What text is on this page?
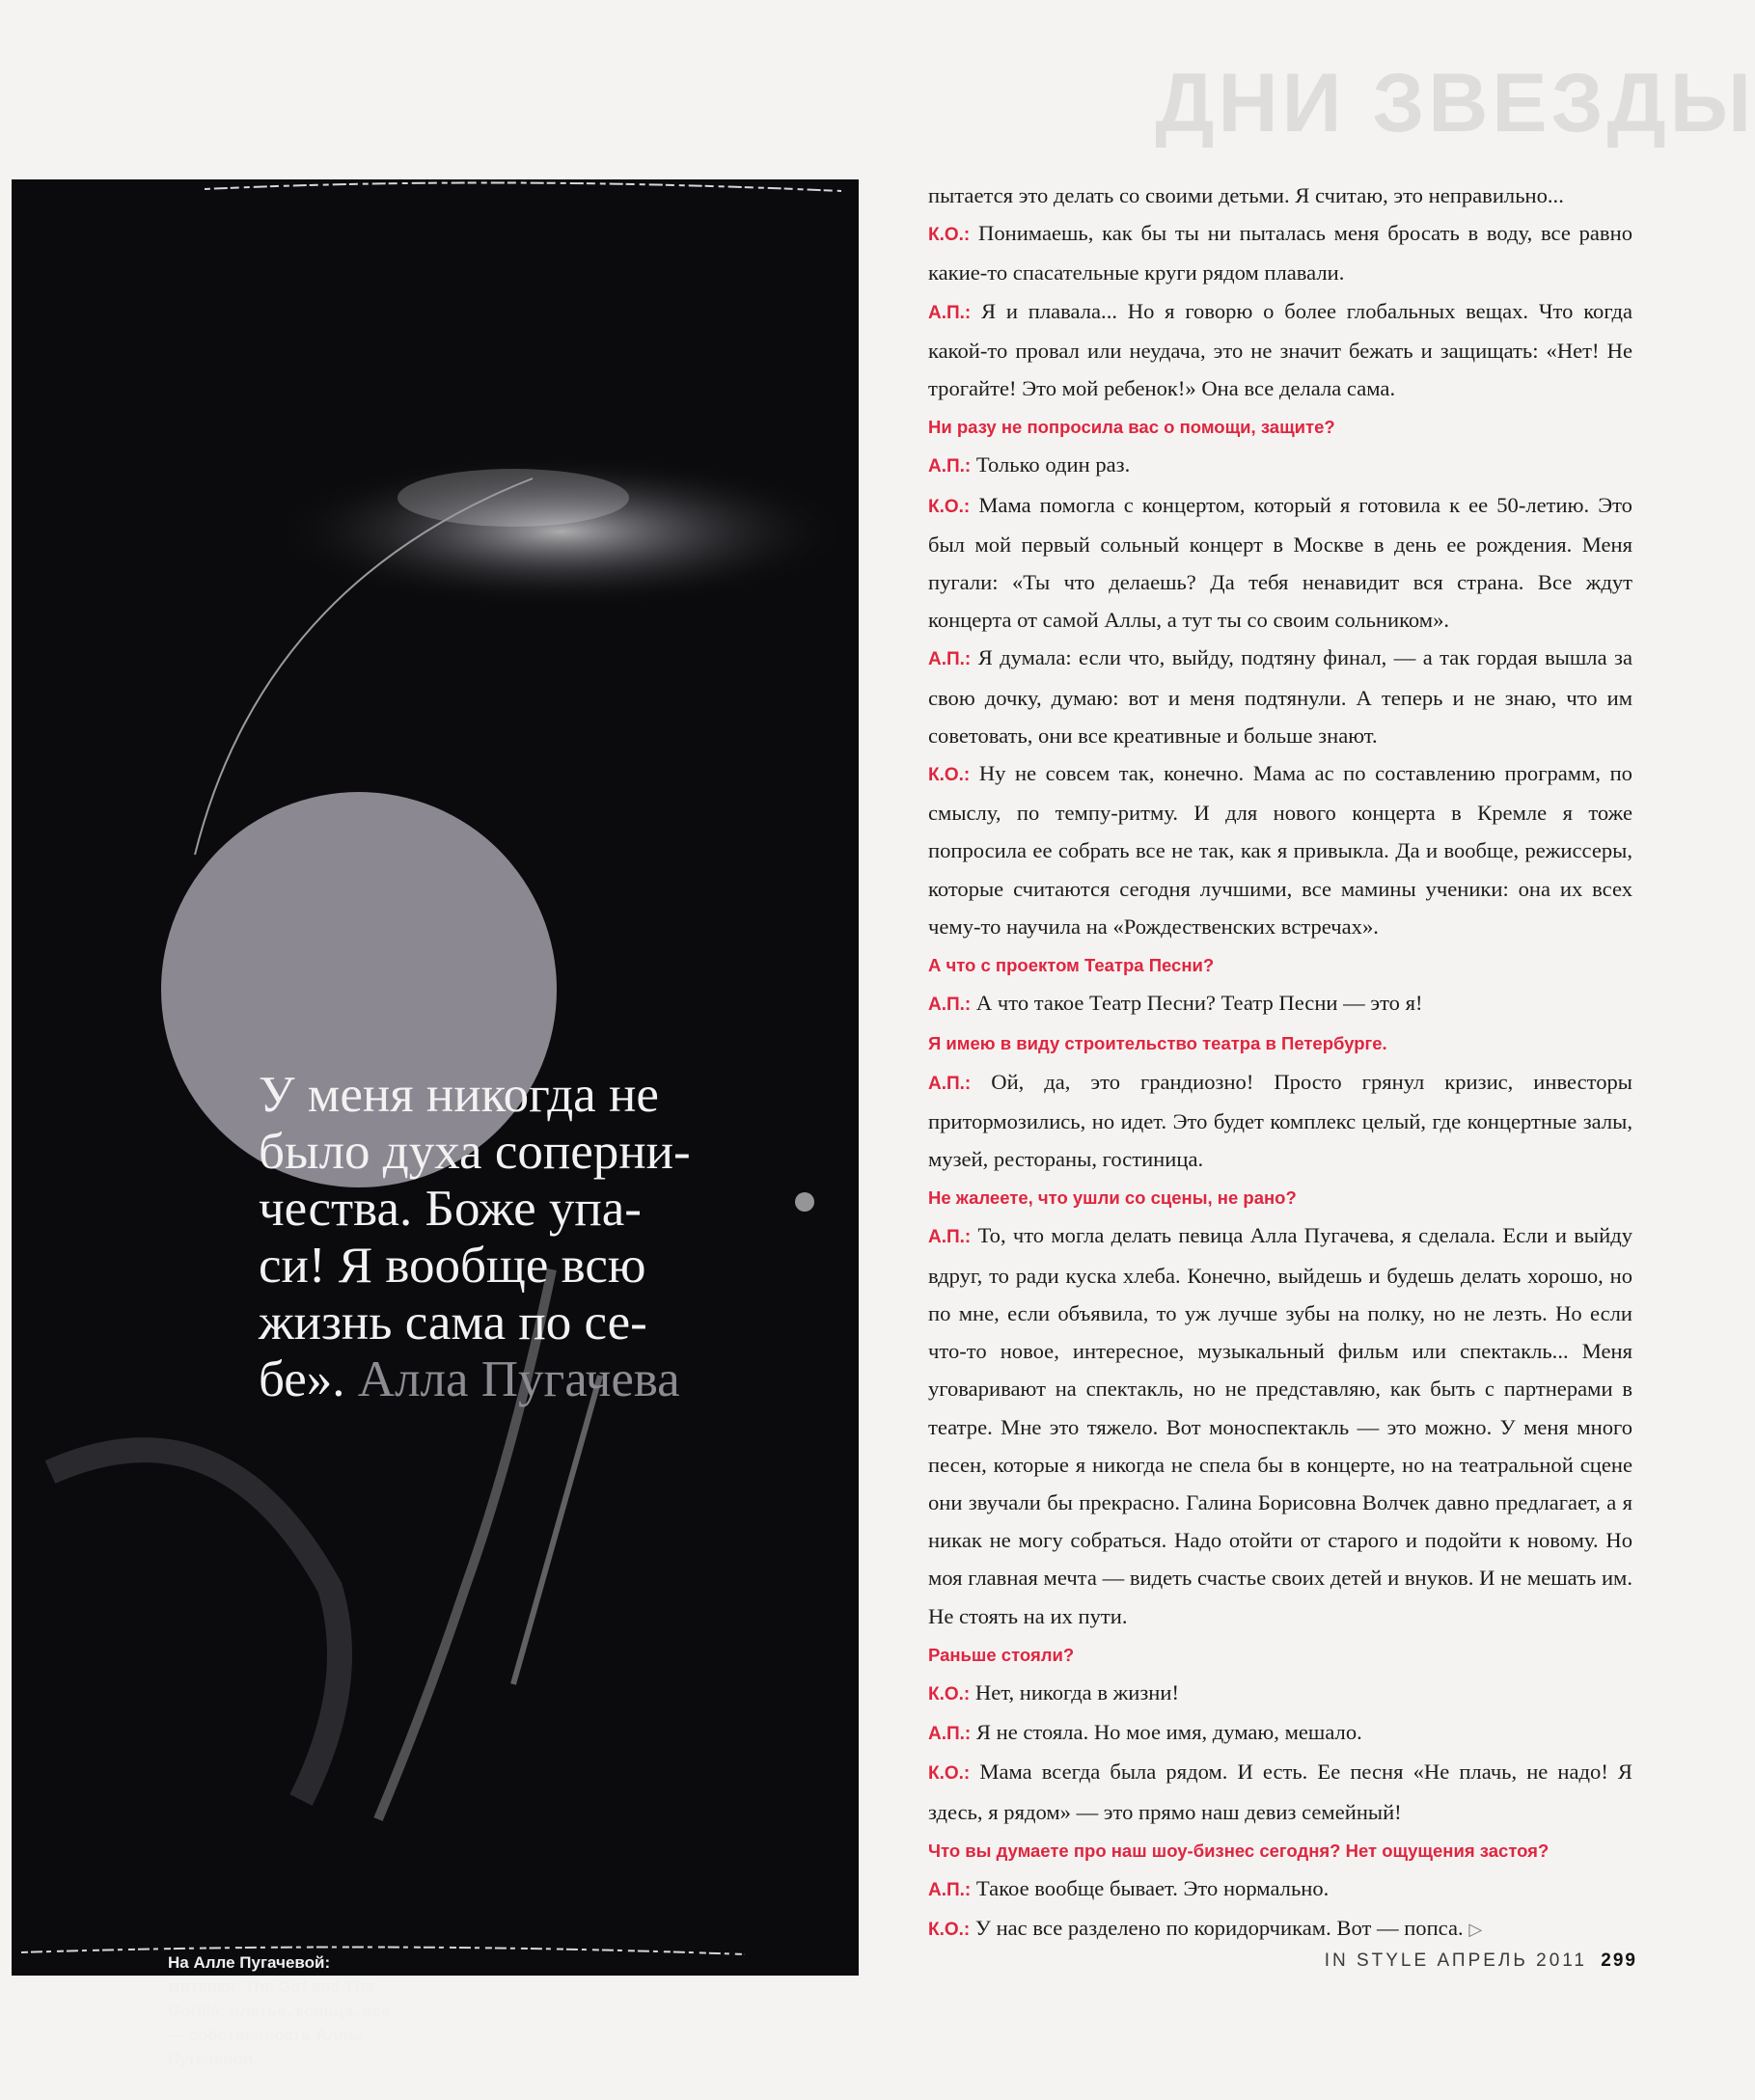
ДНИ ЗВЕЗДЫ

У меня никогда не
было духа соперни-
чества. Боже упа-
си! Я вообще всю
жизнь сама по се-
бе». Алла Пугачева

На Алле Пугачевой: митенки, The Girl and The Gorilla; платье, кольца, все — собственность Аллы Пугачевой.

пытается это делать со своими детьми. Я считаю, это неправильно...

К.О.: Понимаешь, как бы ты ни пыталась меня бросать в воду, все равно какие-то спасательные круги рядом плавали.

А.П.: Я и плавала... Но я говорю о более глобальных вещах. Что когда какой-то провал или неудача, это не значит бежать и защищать: «Нет! Не трогайте! Это мой ребенок!» Она все делала сама.

Ни разу не попросила вас о помощи, защите?

А.П.: Только один раз.

К.О.: Мама помогла с концертом, который я готовила к ее 50-летию. Это был мой первый сольный концерт в Москве в день ее рождения. Меня пугали: «Ты что делаешь? Да тебя ненавидит вся страна. Все ждут концерта от самой Аллы, а тут ты со своим сольником».

А.П.: Я думала: если что, выйду, подтяну финал, — а так гордая вышла за свою дочку, думаю: вот и меня подтянули. А теперь и не знаю, что им советовать, они все креативные и больше знают.

К.О.: Ну не совсем так, конечно. Мама ас по составлению программ, по смыслу, по темпу-ритму. И для нового концерта в Кремле я тоже попросила ее собрать все не так, как я привыкла. Да и вообще, режиссеры, которые считаются сегодня лучшими, все мамины ученики: она их всех чему-то научила на «Рождественских встречах».

А что с проектом Театра Песни?

А.П.: А что такое Театр Песни? Театр Песни — это я!

Я имею в виду строительство театра в Петербурге.

А.П.: Ой, да, это грандиозно! Просто грянул кризис, инвесторы притормозились, но идет. Это будет комплекс целый, где концертные залы, музей, рестораны, гостиница.

Не жалеете, что ушли со сцены, не рано?

А.П.: То, что могла делать певица Алла Пугачева, я сделала. Если и выйду вдруг, то ради куска хлеба. Конечно, выйдешь и будешь делать хорошо, но по мне, если объявила, то уж лучше зубы на полку, но не лезть. Но если что-то новое, интересное, музыкальный фильм или спектакль... Меня уговаривают на спектакль, но не представляю, как быть с партнерами в театре. Мне это тяжело. Вот моноспектакль — это можно. У меня много песен, которые я никогда не спела бы в концерте, но на театральной сцене они звучали бы прекрасно. Галина Борисовна Волчек давно предлагает, а я никак не могу собраться. Надо отойти от старого и подойти к новому. Но моя главная мечта — видеть счастье своих детей и внуков. И не мешать им. Не стоять на их пути.

Раньше стояли?

К.О.: Нет, никогда в жизни!

А.П.: Я не стояла. Но мое имя, думаю, мешало.

К.О.: Мама всегда была рядом. И есть. Ее песня «Не плачь, не надо! Я здесь, я рядом» — это прямо наш девиз семейный!

Что вы думаете про наш шоу-бизнес сегодня? Нет ощущения застоя?

А.П.: Такое вообще бывает. Это нормально.

К.О.: У нас все разделено по коридорчикам. Вот — попса. ▷

IN STYLE АПРЕЛЬ 2011 299
